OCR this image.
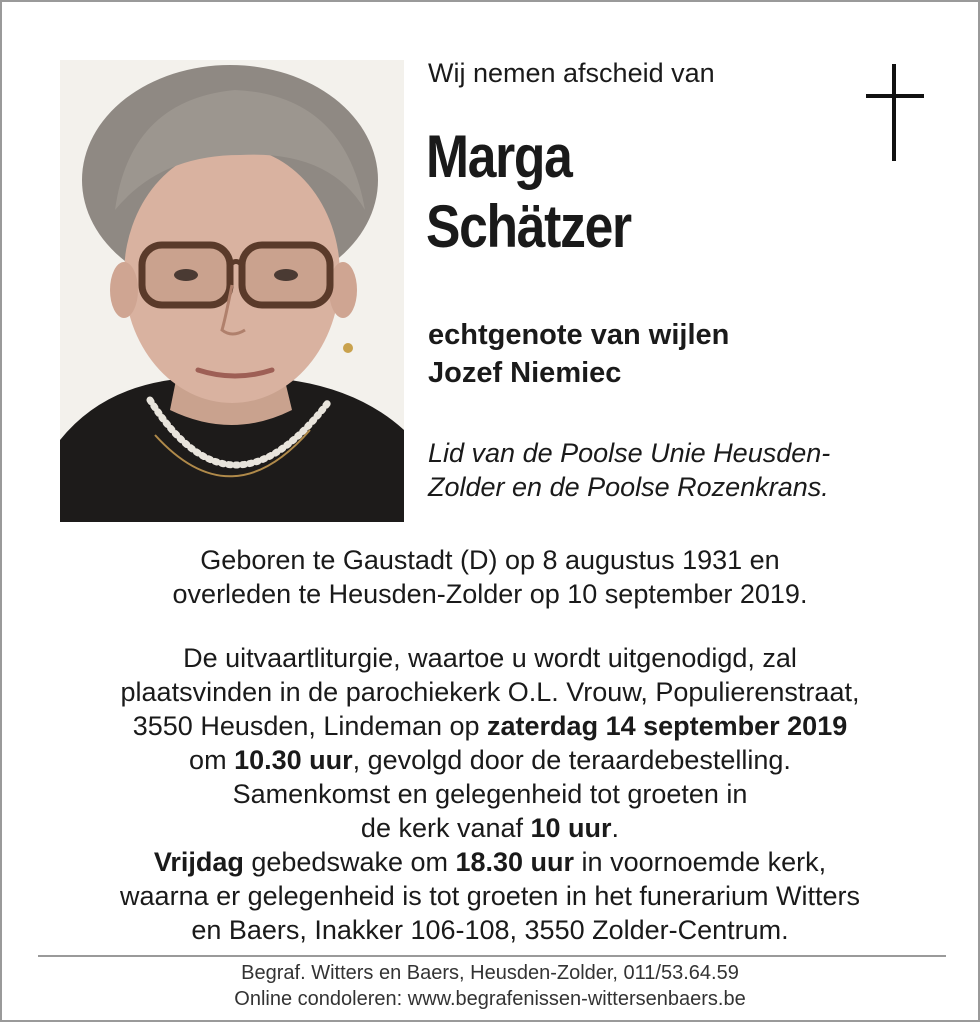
Wij nemen afscheid van
Marga
Schätzer
echtgenote van wijlen
Jozef Niemiec
Lid van de Poolse Unie Heusden-
Zolder en de Poolse Rozenkrans.
Geboren te Gaustadt (D) op 8 augustus 1931 en
overleden te Heusden-Zolder op 10 september 2019.
De uitvaartliturgie, waartoe u wordt uitgenodigd, zal
plaatsvinden in de parochiekerk O.L. Vrouw, Populierenstraat,
3550 Heusden, Lindeman op zaterdag 14 september 2019
om 10.30 uur, gevolgd door de teraardebestelling.
Samenkomst en gelegenheid tot groeten in
de kerk vanaf 10 uur.
Vrijdag gebedswake om 18.30 uur in voornoemde kerk,
waarna er gelegenheid is tot groeten in het funerarium Witters
en Baers, Inakker 106-108, 3550 Zolder-Centrum.
Begraf. Witters en Baers, Heusden-Zolder, 011/53.64.59
Online condoleren: www.begrafenissen-wittersenbaers.be
